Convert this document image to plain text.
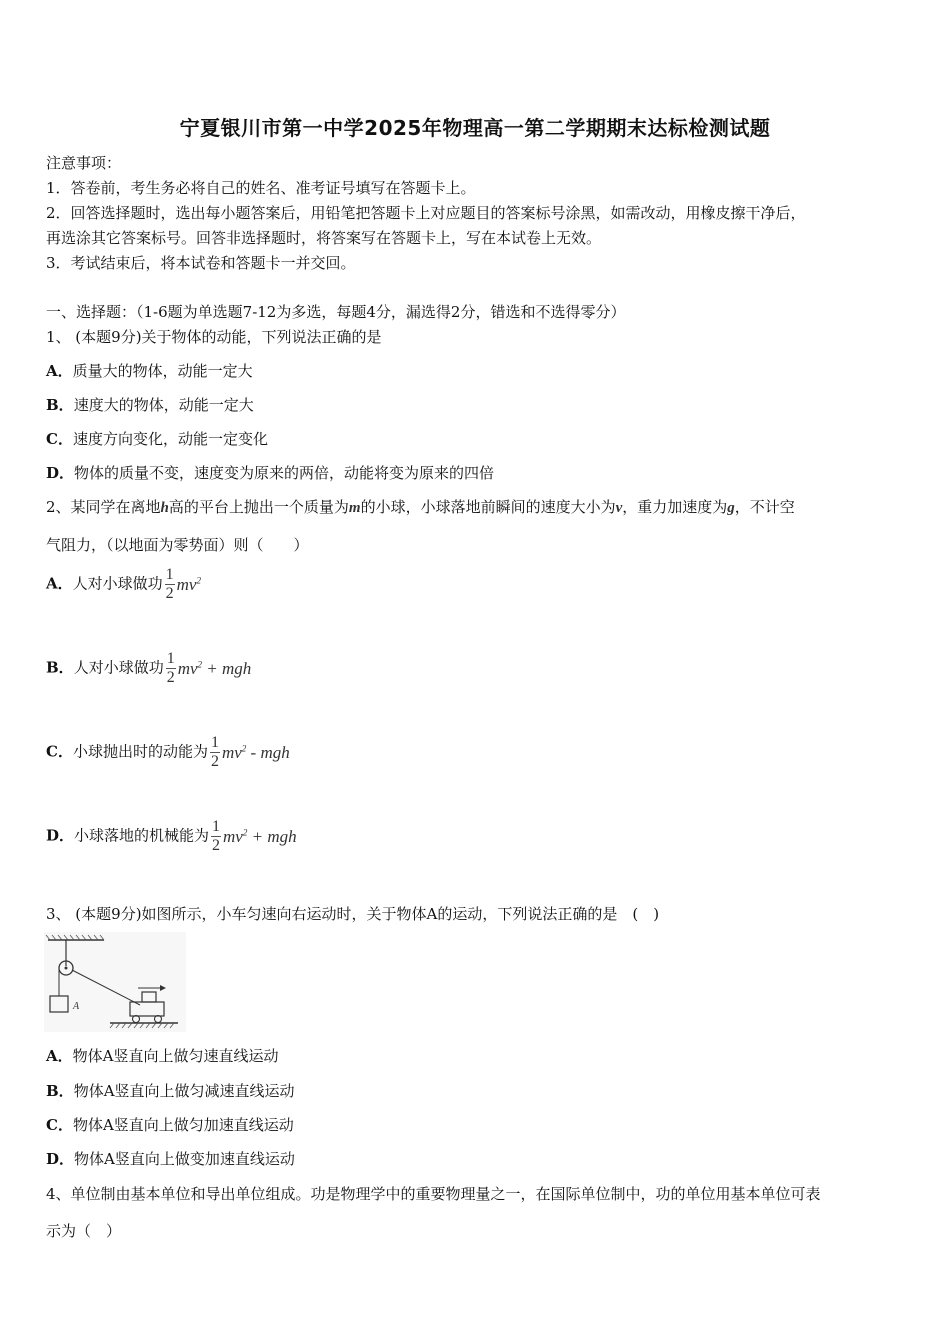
宁夏银川市第一中学2025年物理高一第二学期期末达标检测试题
注意事项：
1．答卷前，考生务必将自己的姓名、准考证号填写在答题卡上。
2．回答选择题时，选出每小题答案后，用铅笔把答题卡上对应题目的答案标号涂黑，如需改动，用橡皮擦干净后，
再选涂其它答案标号。回答非选择题时，将答案写在答题卡上，写在本试卷上无效。
3．考试结束后，将本试卷和答题卡一并交回。
一、选择题：（1-6题为单选题7-12为多选，每题4分，漏选得2分，错选和不选得零分）
1、 (本题9分)关于物体的动能，下列说法正确的是
A．质量大的物体，动能一定大
B．速度大的物体，动能一定大
C．速度方向变化，动能一定变化
D．物体的质量不变，速度变为原来的两倍，动能将变为原来的四倍
2、某同学在离地h高的平台上抛出一个质量为m的小球，小球落地前瞬间的速度大小为v，重力加速度为g，不计空
气阻力，（以地面为零势面）则（　　）
A．人对小球做功 $\frac{1}{2} mv^2$
B．人对小球做功 $\frac{1}{2} mv^2$ + mgh
C．小球抛出时的动能为 $\frac{1}{2} mv^2$ - mgh
D．小球落地的机械能为 $\frac{1}{2} mv^2$ + mgh
3、 (本题9分)如图所示，小车匀速向右运动时，关于物体A的运动，下列说法正确的是　(　)
A
A．物体A竖直向上做匀速直线运动
B．物体A竖直向上做匀减速直线运动
C．物体A竖直向上做匀加速直线运动
D．物体A竖直向上做变加速直线运动
4、单位制由基本单位和导出单位组成。功是物理学中的重要物理量之一，在国际单位制中，功的单位用基本单位可表
示为（　）
